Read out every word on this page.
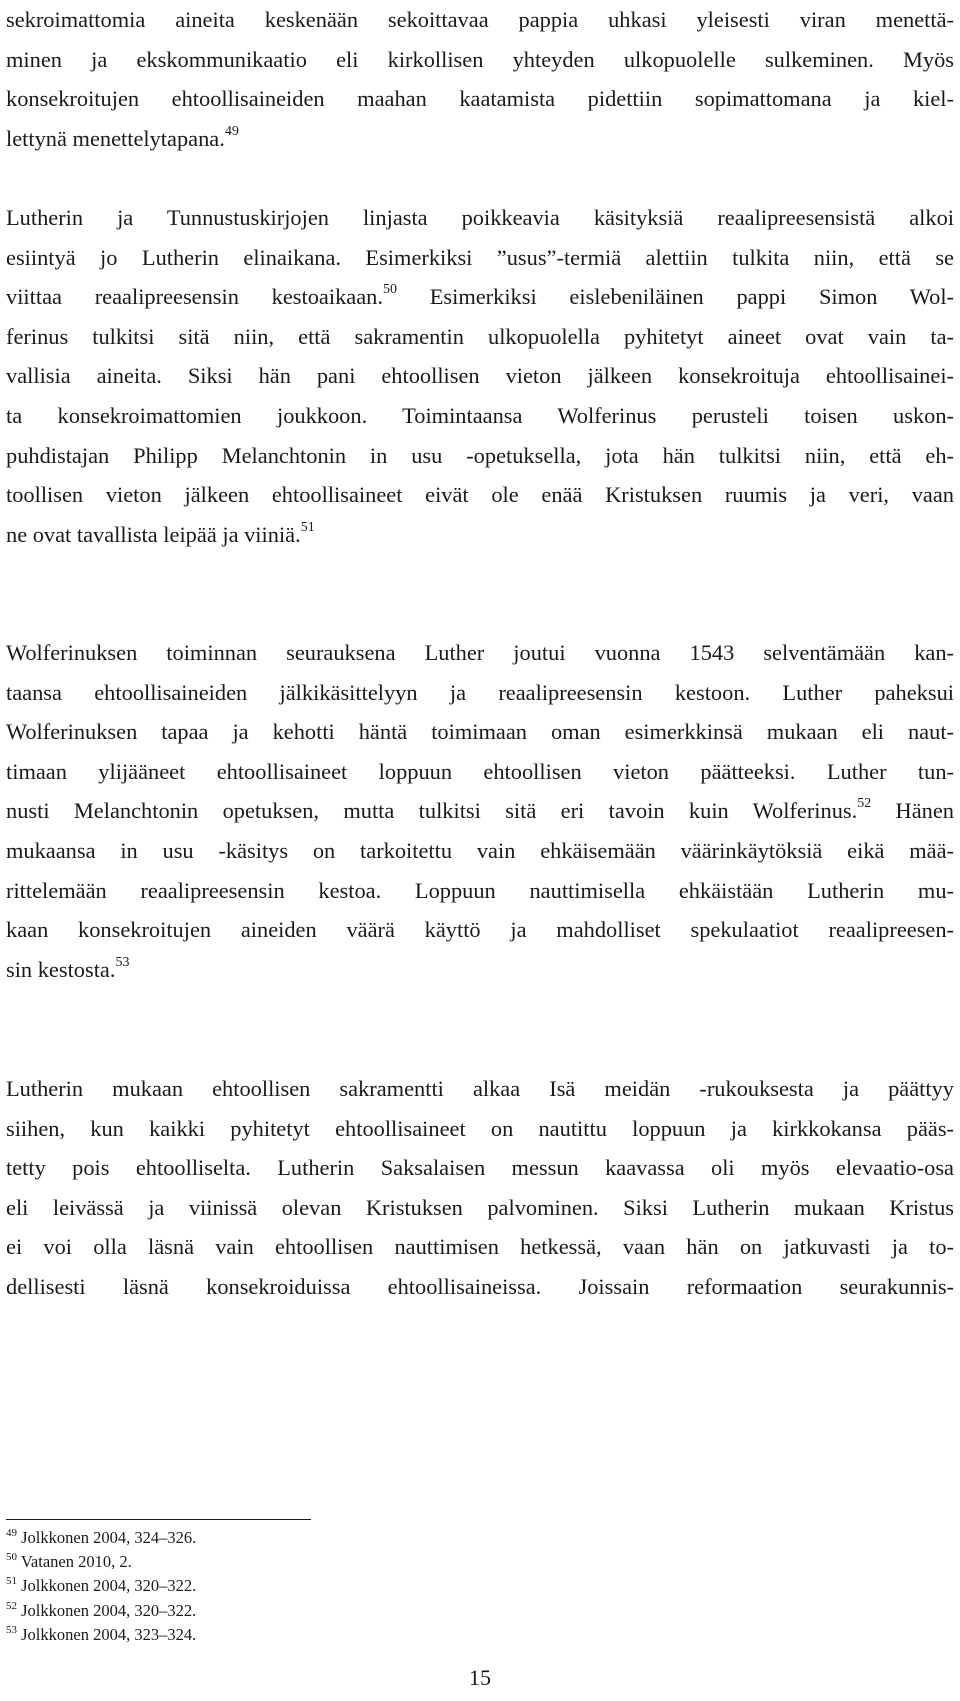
sekroimattomia aineita keskenään sekoittavaa pappia uhkasi yleisesti viran menettä-
minen ja ekskommunikaatio eli kirkollisen yhteyden ulkopuolelle sulkeminen. Myös
konsekroitujen ehtoollisaineiden maahan kaatamista pidettiin sopimattomana ja kiel-
lettynä menettelytapana.$^{49}$
Lutherin ja Tunnustuskirjojen linjasta poikkeavia käsityksiä reaalipreesensistä alkoi
esiintyä jo Lutherin elinaikana. Esimerkiksi ”usus”-termiä alettiin tulkita niin, että se
viittaa reaalipreesensin kestoaikaan.$^{50}$ Esimerkiksi eislebeniläinen pappi Simon Wol-
ferinus tulkitsi sitä niin, että sakramentin ulkopuolella pyhitetyt aineet ovat vain ta-
vallisia aineita. Siksi hän pani ehtoollisen vieton jälkeen konsekroituja ehtoollisainei-
ta konsekroimattomien joukkoon. Toimintaansa Wolferinus perusteli toisen uskon-
puhdistajan Philipp Melanchtonin in usu -opetuksella, jota hän tulkitsi niin, että eh-
toollisen vieton jälkeen ehtoollisaineet eivät ole enää Kristuksen ruumis ja veri, vaan
ne ovat tavallista leipää ja viiniä.$^{51}$
Wolferinuksen toiminnan seurauksena Luther joutui vuonna 1543 selventämään kan-
taansa ehtoollisaineiden jälkikäsittelyyn ja reaalipreesensin kestoon. Luther paheksui
Wolferinuksen tapaa ja kehotti häntä toimimaan oman esimerkkinsä mukaan eli naut-
timaan ylijääneet ehtoollisaineet loppuun ehtoollisen vieton päätteeksi. Luther tun-
nusti Melanchtonin opetuksen, mutta tulkitsi sitä eri tavoin kuin Wolferinus.$^{52}$ Hänen
mukaansa in usu -käsitys on tarkoitettu vain ehkäisemään väärinkäytöksiä eikä mää-
rittelemään reaalipreesensin kestoa. Loppuun nauttimisella ehkäistään Lutherin mu-
kaan konsekroitujen aineiden väärä käyttö ja mahdolliset spekulaatiot reaalipreesen-
sin kestosta.$^{53}$
Lutherin mukaan ehtoollisen sakramentti alkaa Isä meidän -rukouksesta ja päättyy
siihen, kun kaikki pyhitetyt ehtoollisaineet on nautittu loppuun ja kirkkokansa pääs-
tetty pois ehtoolliselta. Lutherin Saksalaisen messun kaavassa oli myös elevaatio-osa
eli leivässä ja viinissä olevan Kristuksen palvominen. Siksi Lutherin mukaan Kristus
ei voi olla läsnä vain ehtoollisen nauttimisen hetkessä, vaan hän on jatkuvasti ja to-
dellisesti läsnä konsekroiduissa ehtoollisaineissa. Joissain reformaation seurakunnis-
$^{49}$ Jolkkonen 2004, 324–326.
$^{50}$ Vatanen 2010, 2.
$^{51}$ Jolkkonen 2004, 320–322.
$^{52}$ Jolkkonen 2004, 320–322.
$^{53}$ Jolkkonen 2004, 323–324.
15
